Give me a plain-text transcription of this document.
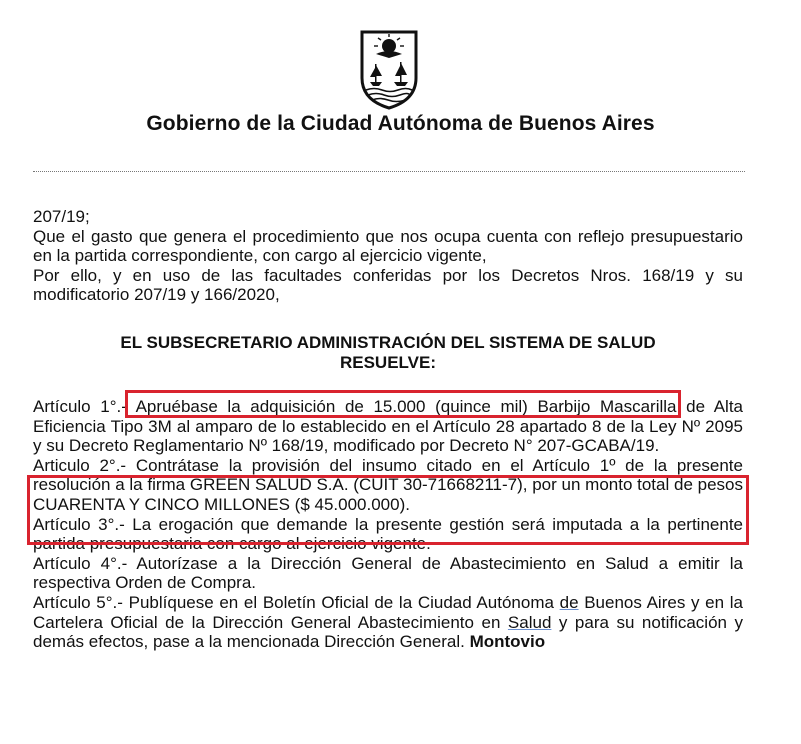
Gobierno de la Ciudad Autónoma de Buenos Aires

207/19;

Que el gasto que genera el procedimiento que nos ocupa cuenta con reflejo presupuestario en la partida correspondiente, con cargo al ejercicio vigente,

Por ello, y en uso de las facultades conferidas por los Decretos Nros. 168/19 y su modificatorio 207/19 y 166/2020,

EL SUBSECRETARIO ADMINISTRACIÓN DEL SISTEMA DE SALUD
RESUELVE:

Artículo 1°.- Apruébase la adquisición de 15.000 (quince mil) Barbijo Mascarilla de Alta Eficiencia Tipo 3M al amparo de lo establecido en el Artículo 28 apartado 8 de la Ley Nº 2095 y su Decreto Reglamentario Nº 168/19, modificado por Decreto N° 207-GCABA/19.

Articulo 2°.- Contrátase la provisión del insumo citado en el Artículo 1º de la presente resolución a la firma GREEN SALUD S.A. (CUIT 30-71668211-7), por un monto total de pesos CUARENTA Y CINCO MILLONES ($ 45.000.000).

Artículo 3°.- La erogación que demande la presente gestión será imputada a la pertinente partida presupuestaria con cargo al ejercicio vigente.

Artículo 4°.- Autorízase a la Dirección General de Abastecimiento en Salud a emitir la respectiva Orden de Compra.

Artículo 5°.- Publíquese en el Boletín Oficial de la Ciudad Autónoma de Buenos Aires y en la Cartelera Oficial de la Dirección General Abastecimiento en Salud y para su notificación y demás efectos, pase a la mencionada Dirección General. Montovio
